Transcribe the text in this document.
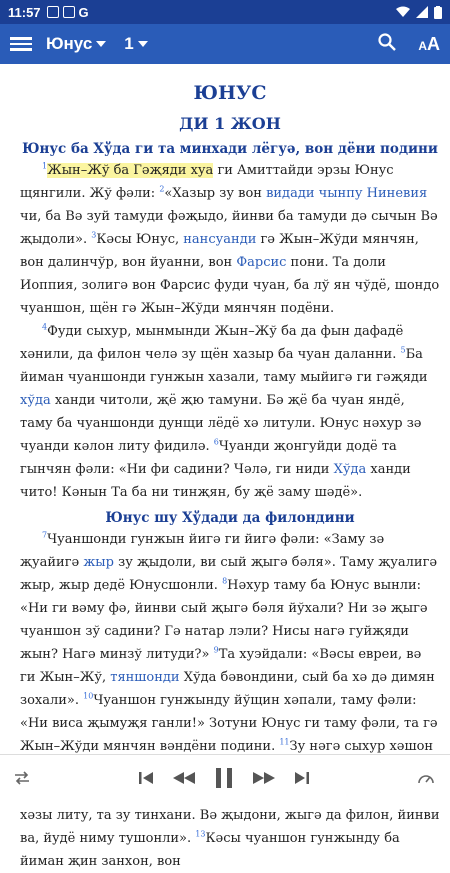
11:57	G
Юнус 1	AA
ЮНУС
ДИ 1 ЖОН
Юнус ба Хўда ги та минхади лёгуә, вон дёни подини

$^1$Жын–Жў ба Гәҗяди хуа ги Амиттайди эрзы Юнус щянгили. Жў фәли: $^2$«Хазыр зу вон видади чынпу Ниневия чи, ба Вә зуй тамуди фәҗыдо, йинви ба тамуди дә сычын Вә җыдоли». $^3$Кәсы Юнус, нансуанди гә Жын–Жўди мянчян, вон далинчўр, вон йуанни, вон Фарсис пони. Та доли Иоппия, золигә вон Фарсис фуди чуан, ба лў ян чўдё, шондо чуаншон, щён гә Жын–Жўди мянчян подёни.

$^4$Фуди сыхур, мынмынди Жын–Жў ба да фын дафадё хәнили, да филон челә зу щён хазыр ба чуан даланни. $^5$Ба йиман чуаншонди гунжын хазали, таму мыйигә ги гәҗяди хўда ханди читоли, җё җю тамуни. Бә җё ба чуан яндё, таму ба чуаншонди дунщи лёдё хә литули. Юнус нәхур зә чуанди кәлон литу фидилә. $^6$Чуанди җонгуйди додё та гынчян фәли: «Ни фи садини? Чәлә, ги ниди Хўда ханди чито! Кәнын Та ба ни тинҗян, бу җё заму шәдё».

Юнус шу Хўдади да филондини

$^7$Чуаншонди гунжын йигә ги йигә фәли: «Заму зә җуайигә жыр зу җыдоли, ви сый җыгә бәля». Таму җуалигә жыр, жыр дедё Юнусшонли. $^8$Нәхур таму ба Юнус вынли: «Ни ги вәму фә, йинви сый җыгә бәля йўхали? Ни зә җыгә чуаншон зў садини? Гә натар лэли? Нисы нагә гуйҗяди жын? Нагә минзў литуди?» $^9$Та хуэйдали: «Вәсы евреи, вә ги Жын–Жў, тяншонди Хўда бәвондини, сый ба хә дә димян зохали». $^{10}$Чуаншон гунжынду йўщин хәпали, таму фәли: «Ни виса җымуҗя ганли!» Зотуни Юнус ги таму фәли, та гә Жын–Жўди мянчян вәндёни подини. $^{11}$Зу нәгә сыхур хәшон хәзы литу, та зу тинхани. Вә җыдони, жыгә да филон, йинви ва, йудё ниму тушонли». $^{13}$Кәсы чуаншон гунжынду ба йиман җин занхон, вон
